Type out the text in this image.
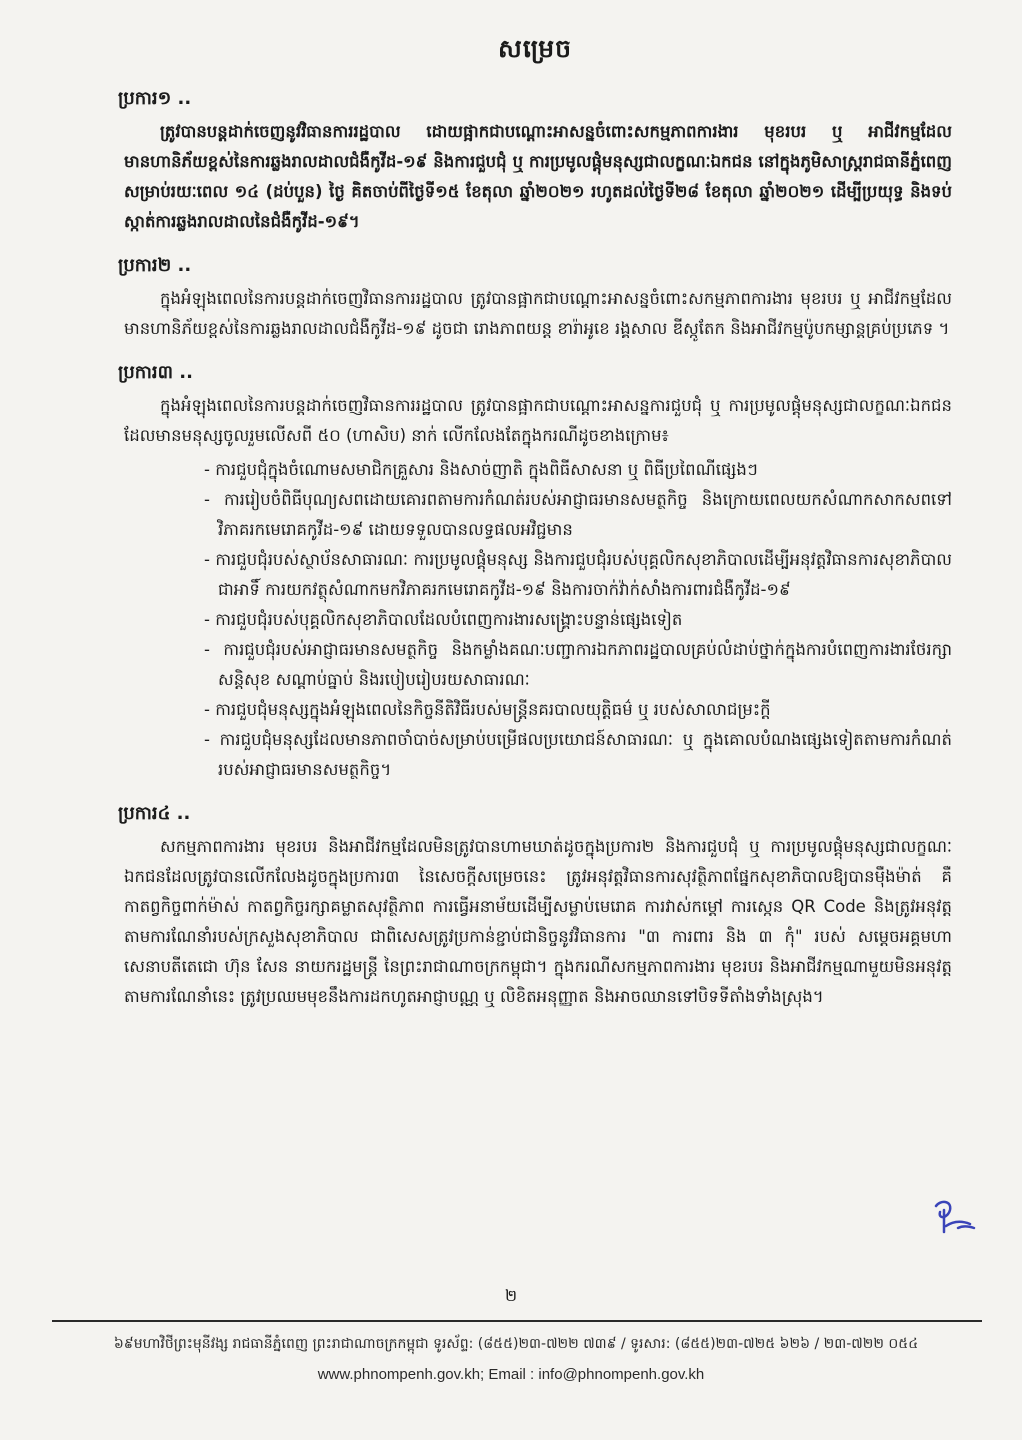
សម្រេច
ប្រការ១ ..

ត្រូវបានបន្តដាក់ចេញនូវវិធានការរដ្ឋបាល ដោយផ្អាកជាបណ្ដោះអាសន្នចំពោះសកម្មភាពការងារ មុខរបរ ឬ អាជីវកម្មដែលមានហានិភ័យខ្ពស់នៃការឆ្លងរាលដាលជំងឺកូវីដ-១៩ និងការជួបជុំ ឬ ការប្រមូលផ្ដុំមនុស្សជាលក្ខណៈឯកជន នៅក្នុងភូមិសាស្ត្ររាជធានីភ្នំពេញ សម្រាប់រយៈពេល ១៤ (ដប់បួន) ថ្ងៃ គិតចាប់ពីថ្ងៃទី១៥ ខែតុលា ឆ្នាំ២០២១ រហូតដល់ថ្ងៃទី២៨ ខែតុលា ឆ្នាំ២០២១ ដើម្បីប្រយុទ្ធ និងទប់ស្កាត់ការឆ្លងរាលដាលនៃជំងឺកូវីដ-១៩។

ប្រការ២ ..

ក្នុងអំឡុងពេលនៃការបន្តដាក់ចេញវិធានការរដ្ឋបាល ត្រូវបានផ្អាកជាបណ្ដោះអាសន្នចំពោះសកម្មភាពការងារ មុខរបរ ឬ អាជីវកម្មដែលមានហានិភ័យខ្ពស់នៃការឆ្លងរាលដាលជំងឺកូវីដ-១៩ ដូចជា រោងភាពយន្ត ខារ៉ាអូខេ រង្គសាល ឌីស្កូតែក និងអាជីវកម្មប៉ូបកម្សាន្តគ្រប់ប្រភេទ ។

ប្រការ៣ ..

ក្នុងអំឡុងពេលនៃការបន្តដាក់ចេញវិធានការរដ្ឋបាល ត្រូវបានផ្អាកជាបណ្ដោះអាសន្នការជួបជុំ ឬ ការប្រមូលផ្ដុំមនុស្សជាលក្ខណៈឯកជនដែលមានមនុស្សចូលរួមលើសពី ៥០ (ហាសិប) នាក់ លើកលែងតែក្នុងករណីដូចខាងក្រោម៖

- ការជួបជុំក្នុងចំណោមសមាជិកគ្រួសារ និងសាច់ញាតិ ក្នុងពិធីសាសនា ឬ ពិធីប្រពៃណីផ្សេងៗ
- ការរៀបចំពិធីបុណ្យសពដោយគោរពតាមការកំណត់របស់អាជ្ញាធរមានសមត្ថកិច្ច និងក្រោយពេលយកសំណាកសាកសពទៅវិភាគរកមេរោគកូវីដ-១៩ ដោយទទួលបានលទ្ធផលអវិជ្ជមាន
- ការជួបជុំរបស់ស្ថាប័នសាធារណៈ ការប្រមូលផ្ដុំមនុស្ស និងការជួបជុំរបស់បុគ្គលិកសុខាភិបាលដើម្បីអនុវត្តវិធានការសុខាភិបាល ជាអាទិ៍ ការយកវត្ថុសំណាកមកវិភាគរកមេរោគកូវីដ-១៩ និងការចាក់វ៉ាក់សាំងការពារជំងឺកូវីដ-១៩
- ការជួបជុំរបស់បុគ្គលិកសុខាភិបាលដែលបំពេញការងារសង្គ្រោះបន្ទាន់ផ្សេងទៀត
- ការជួបជុំរបស់អាជ្ញាធរមានសមត្ថកិច្ច និងកម្លាំងគណៈបញ្ជាការឯកភាពរដ្ឋបាលគ្រប់លំដាប់ថ្នាក់ក្នុងការបំពេញការងារថែរក្សាសន្តិសុខ សណ្ដាប់ធ្នាប់ និងរបៀបរៀបរយសាធារណៈ
- ការជួបជុំមនុស្សក្នុងអំឡុងពេលនៃកិច្ចនីតិវិធីរបស់មន្ត្រីនគរបាលយុត្តិធម៌ ឬ របស់សាលាជម្រះក្ដី
- ការជួបជុំមនុស្សដែលមានភាពចាំបាច់សម្រាប់បម្រើផលប្រយោជន៍សាធារណៈ ឬ ក្នុងគោលបំណងផ្សេងទៀតតាមការកំណត់របស់អាជ្ញាធរមានសមត្ថកិច្ច។
ប្រការ៤ ..

សកម្មភាពការងារ មុខរបរ និងអាជីវកម្មដែលមិនត្រូវបានហាមឃាត់ដូចក្នុងប្រការ២ និងការជួបជុំ ឬ ការប្រមូលផ្ដុំមនុស្សជាលក្ខណៈឯកជនដែលត្រូវបានលើកលែងដូចក្នុងប្រការ៣ នៃសេចក្ដីសម្រេចនេះ ត្រូវអនុវត្តវិធានការសុវត្ថិភាពផ្នែកសុខាភិបាលឱ្យបានម៉ឺងម៉ាត់ គឺកាតព្វកិច្ចពាក់ម៉ាស់ កាតព្វកិច្ចរក្សាគម្លាតសុវត្ថិភាព ការធ្វើអនាម័យដើម្បីសម្លាប់មេរោគ ការវាស់កម្ដៅ ការស្កេន QR Code និងត្រូវអនុវត្តតាមការណែនាំរបស់ក្រសួងសុខាភិបាល ជាពិសេសត្រូវប្រកាន់ខ្ជាប់ជានិច្ចនូវវិធានការ "៣ ការពារ និង ៣ កុំ" របស់ សម្ដេចអគ្គមហាសេនាបតីតេជោ ហ៊ុន សែន នាយករដ្ឋមន្ត្រី នៃព្រះរាជាណាចក្រកម្ពុជា។ ក្នុងករណីសកម្មភាពការងារ មុខរបរ និងអាជីវកម្មណាមួយមិនអនុវត្តតាមការណែនាំនេះ ត្រូវប្រឈមមុខនឹងការដកហូតអាជ្ញាបណ្ណ ឬ លិខិតអនុញ្ញាត និងអាចឈានទៅបិទទីតាំងទាំងស្រុង។

២
៦៩មហាវិថីព្រះមុនីវង្ស រាជធានីភ្នំពេញ ព្រះរាជាណាចក្រកម្ពុជា ទូរស័ព្ទ: (៨៥៥)២៣-៧២២ ៧៣៩ / ទូរសារ: (៨៥៥)២៣-៧២៥ ៦២៦ / ២៣-៧២២ ០៥៤
www.phnompenh.gov.kh; Email : info@phnompenh.gov.kh
